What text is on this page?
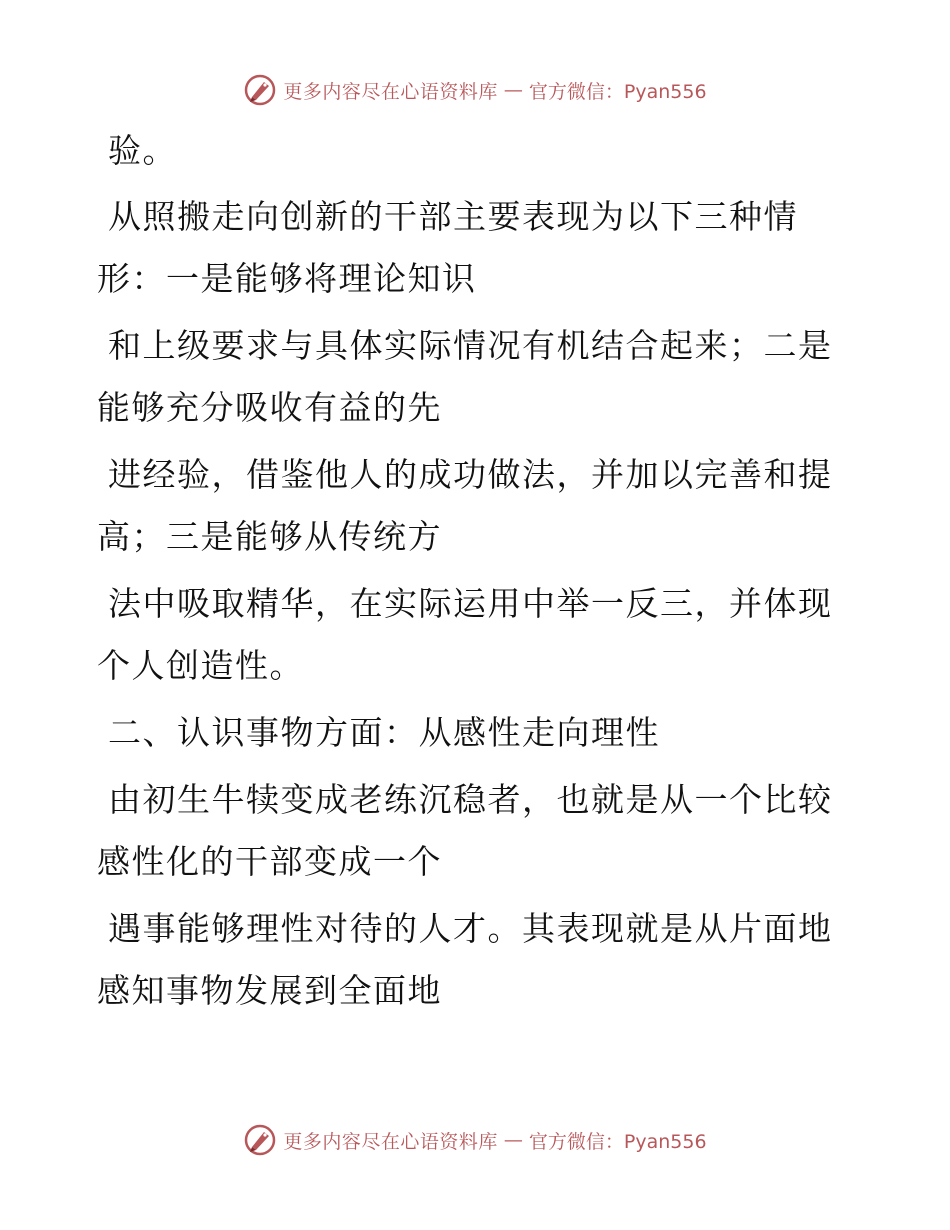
更多内容尽在心语资料库 — 官方微信：Pyan556

验。

从照搬走向创新的干部主要表现为以下三种情形：一是能够将理论知识

和上级要求与具体实际情况有机结合起来；二是能够充分吸收有益的先

进经验，借鉴他人的成功做法，并加以完善和提高；三是能够从传统方

法中吸取精华，在实际运用中举一反三，并体现个人创造性。

二、认识事物方面：从感性走向理性

由初生牛犊变成老练沉稳者，也就是从一个比较感性化的干部变成一个

遇事能够理性对待的人才。其表现就是从片面地感知事物发展到全面地

更多内容尽在心语资料库 — 官方微信：Pyan556
